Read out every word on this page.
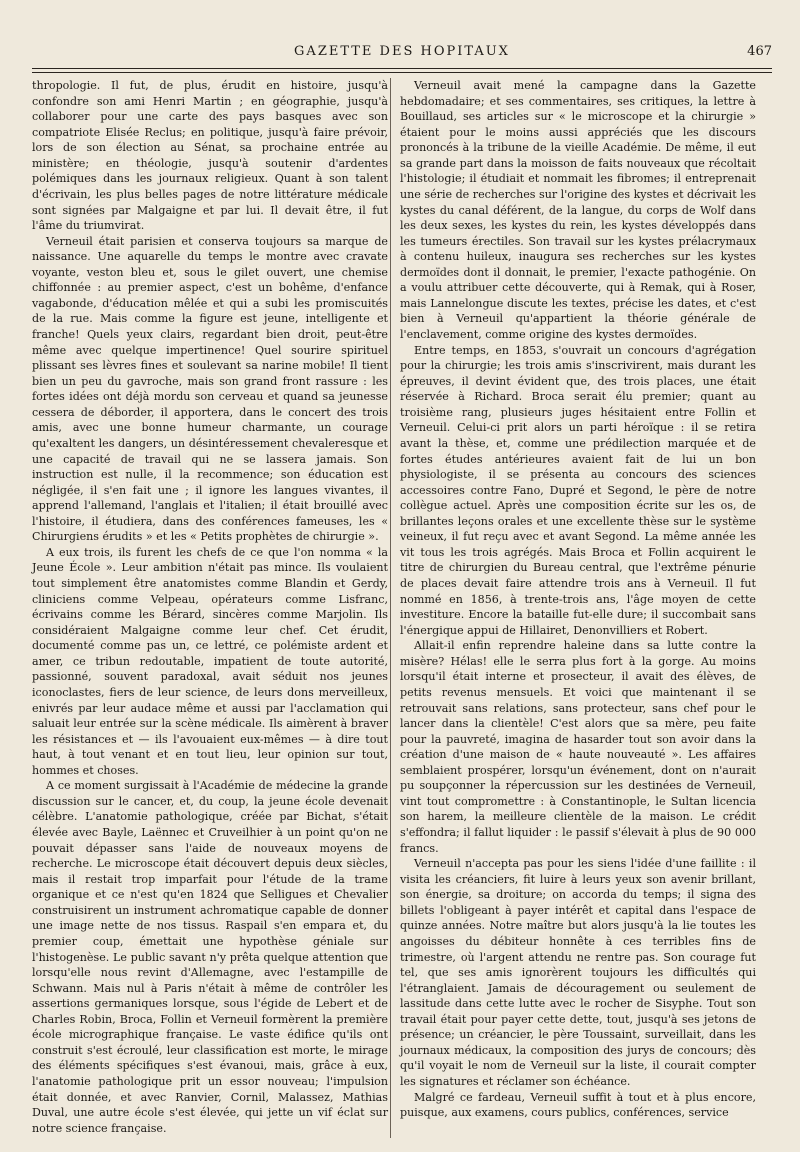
GAZETTE DES HOPITAUX	467

thropologie. Il fut, de plus, érudit en histoire, jusqu'à confondre son ami Henri Martin ; en géographie, jusqu'à collaborer pour une carte des pays basques avec son compatriote Elisée Reclus; en politique, jusqu'à faire prévoir, lors de son élection au Sénat, sa prochaine entrée au ministère; en théologie, jusqu'à soutenir d'ardentes polémiques dans les journaux religieux. Quant à son talent d'écrivain, les plus belles pages de notre littérature médicale sont signées par Malgaigne et par lui. Il devait être, il fut l'âme du triumvirat.

Verneuil était parisien et conserva toujours sa marque de naissance. Une aquarelle du temps le montre avec cravate voyante, veston bleu et, sous le gilet ouvert, une chemise chiffonnée : au premier aspect, c'est un bohême, d'enfance vagabonde, d'éducation mêlée et qui a subi les promiscuités de la rue. Mais comme la figure est jeune, intelligente et franche! Quels yeux clairs, regardant bien droit, peut-être même avec quelque impertinence! Quel sourire spirituel plissant ses lèvres fines et soulevant sa narine mobile! Il tient bien un peu du gavroche, mais son grand front rassure : les fortes idées ont déjà mordu son cerveau et quand sa jeunesse cessera de déborder, il apportera, dans le concert des trois amis, avec une bonne humeur charmante, un courage qu'exaltent les dangers, un désintéressement chevaleresque et une capacité de travail qui ne se lassera jamais. Son instruction est nulle, il la recommence; son éducation est négligée, il s'en fait une ; il ignore les langues vivantes, il apprend l'allemand, l'anglais et l'italien; il était brouillé avec l'histoire, il étudiera, dans des conférences fameuses, les « Chirurgiens érudits » et les « Petits prophètes de chirurgie ».

A eux trois, ils furent les chefs de ce que l'on nomma « la Jeune École ». Leur ambition n'était pas mince. Ils voulaient tout simplement être anatomistes comme Blandin et Gerdy, cliniciens comme Velpeau, opérateurs comme Lisfranc, écrivains comme les Bérard, sincères comme Marjolin. Ils considéraient Malgaigne comme leur chef. Cet érudit, documenté comme pas un, ce lettré, ce polémiste ardent et amer, ce tribun redoutable, impatient de toute autorité, passionné, souvent paradoxal, avait séduit nos jeunes iconoclastes, fiers de leur science, de leurs dons merveilleux, enivrés par leur audace même et aussi par l'acclamation qui saluait leur entrée sur la scène médicale. Ils aimèrent à braver les résistances et — ils l'avouaient eux-mêmes — à dire tout haut, à tout venant et en tout lieu, leur opinion sur tout, hommes et choses.

A ce moment surgissait à l'Académie de médecine la grande discussion sur le cancer, et, du coup, la jeune école devenait célèbre. L'anatomie pathologique, créée par Bichat, s'était élevée avec Bayle, Laënnec et Cruveilhier à un point qu'on ne pouvait dépasser sans l'aide de nouveaux moyens de recherche. Le microscope était découvert depuis deux siècles, mais il restait trop imparfait pour l'étude de la trame organique et ce n'est qu'en 1824 que Selligues et Chevalier construisirent un instrument achromatique capable de donner une image nette de nos tissus. Raspail s'en empara et, du premier coup, émettait une hypothèse géniale sur l'histogenèse. Le public savant n'y prêta quelque attention que lorsqu'elle nous revint d'Allemagne, avec l'estampille de Schwann. Mais nul à Paris n'était à même de contrôler les assertions germaniques lorsque, sous l'égide de Lebert et de Charles Robin, Broca, Follin et Verneuil formèrent la première école micrographique française. Le vaste édifice qu'ils ont construit s'est écroulé, leur classification est morte, le mirage des éléments spécifiques s'est évanoui, mais, grâce à eux, l'anatomie pathologique prit un essor nouveau; l'impulsion était donnée, et avec Ranvier, Cornil, Malassez, Mathias Duval, une autre école s'est élevée, qui jette un vif éclat sur notre science française.

Verneuil avait mené la campagne dans la Gazette hebdomadaire; et ses commentaires, ses critiques, la lettre à Bouillaud, ses articles sur « le microscope et la chirurgie » étaient pour le moins aussi appréciés que les discours prononcés à la tribune de la vieille Académie. De même, il eut sa grande part dans la moisson de faits nouveaux que récoltait l'histologie; il étudiait et nommait les fibromes; il entreprenait une série de recherches sur l'origine des kystes et décrivait les kystes du canal déférent, de la langue, du corps de Wolf dans les deux sexes, les kystes du rein, les kystes développés dans les tumeurs érectiles. Son travail sur les kystes prélacrymaux à contenu huileux, inaugura ses recherches sur les kystes dermoïdes dont il donnait, le premier, l'exacte pathogénie. On a voulu attribuer cette découverte, qui à Remak, qui à Roser, mais Lannelongue discute les textes, précise les dates, et c'est bien à Verneuil qu'appartient la théorie générale de l'enclavement, comme origine des kystes dermoïdes.

Entre temps, en 1853, s'ouvrait un concours d'agrégation pour la chirurgie; les trois amis s'inscrivirent, mais durant les épreuves, il devint évident que, des trois places, une était réservée à Richard. Broca serait élu premier; quant au troisième rang, plusieurs juges hésitaient entre Follin et Verneuil. Celui-ci prit alors un parti héroïque : il se retira avant la thèse, et, comme une prédilection marquée et de fortes études antérieures avaient fait de lui un bon physiologiste, il se présenta au concours des sciences accessoires contre Fano, Dupré et Segond, le père de notre collègue actuel. Après une composition écrite sur les os, de brillantes leçons orales et une excellente thèse sur le système veineux, il fut reçu avec et avant Segond. La même année les vit tous les trois agrégés. Mais Broca et Follin acquirent le titre de chirurgien du Bureau central, que l'extrême pénurie de places devait faire attendre trois ans à Verneuil. Il fut nommé en 1856, à trente-trois ans, l'âge moyen de cette investiture. Encore la bataille fut-elle dure; il succombait sans l'énergique appui de Hillairet, Denonvilliers et Robert.

Allait-il enfin reprendre haleine dans sa lutte contre la misère? Hélas! elle le serra plus fort à la gorge. Au moins lorsqu'il était interne et prosecteur, il avait des élèves, de petits revenus mensuels. Et voici que maintenant il se retrouvait sans relations, sans protecteur, sans chef pour le lancer dans la clientèle! C'est alors que sa mère, peu faite pour la pauvreté, imagina de hasarder tout son avoir dans la création d'une maison de « haute nouveauté ». Les affaires semblaient prospérer, lorsqu'un événement, dont on n'aurait pu soupçonner la répercussion sur les destinées de Verneuil, vint tout compromettre : à Constantinople, le Sultan licencia son harem, la meilleure clientèle de la maison. Le crédit s'effondra; il fallut liquider : le passif s'élevait à plus de 90 000 francs.

Verneuil n'accepta pas pour les siens l'idée d'une faillite : il visita les créanciers, fit luire à leurs yeux son avenir brillant, son énergie, sa droiture; on accorda du temps; il signa des billets l'obligeant à payer intérêt et capital dans l'espace de quinze années. Notre maître but alors jusqu'à la lie toutes les angoisses du débiteur honnête à ces terribles fins de trimestre, où l'argent attendu ne rentre pas. Son courage fut tel, que ses amis ignorèrent toujours les difficultés qui l'étranglaient. Jamais de découragement ou seulement de lassitude dans cette lutte avec le rocher de Sisyphe. Tout son travail était pour payer cette dette, tout, jusqu'à ses jetons de présence; un créancier, le père Toussaint, surveillait, dans les journaux médicaux, la composition des jurys de concours; dès qu'il voyait le nom de Verneuil sur la liste, il courait compter les signatures et réclamer son échéance.

Malgré ce fardeau, Verneuil suffit à tout et à plus encore, puisque, aux examens, cours publics, conférences, service
